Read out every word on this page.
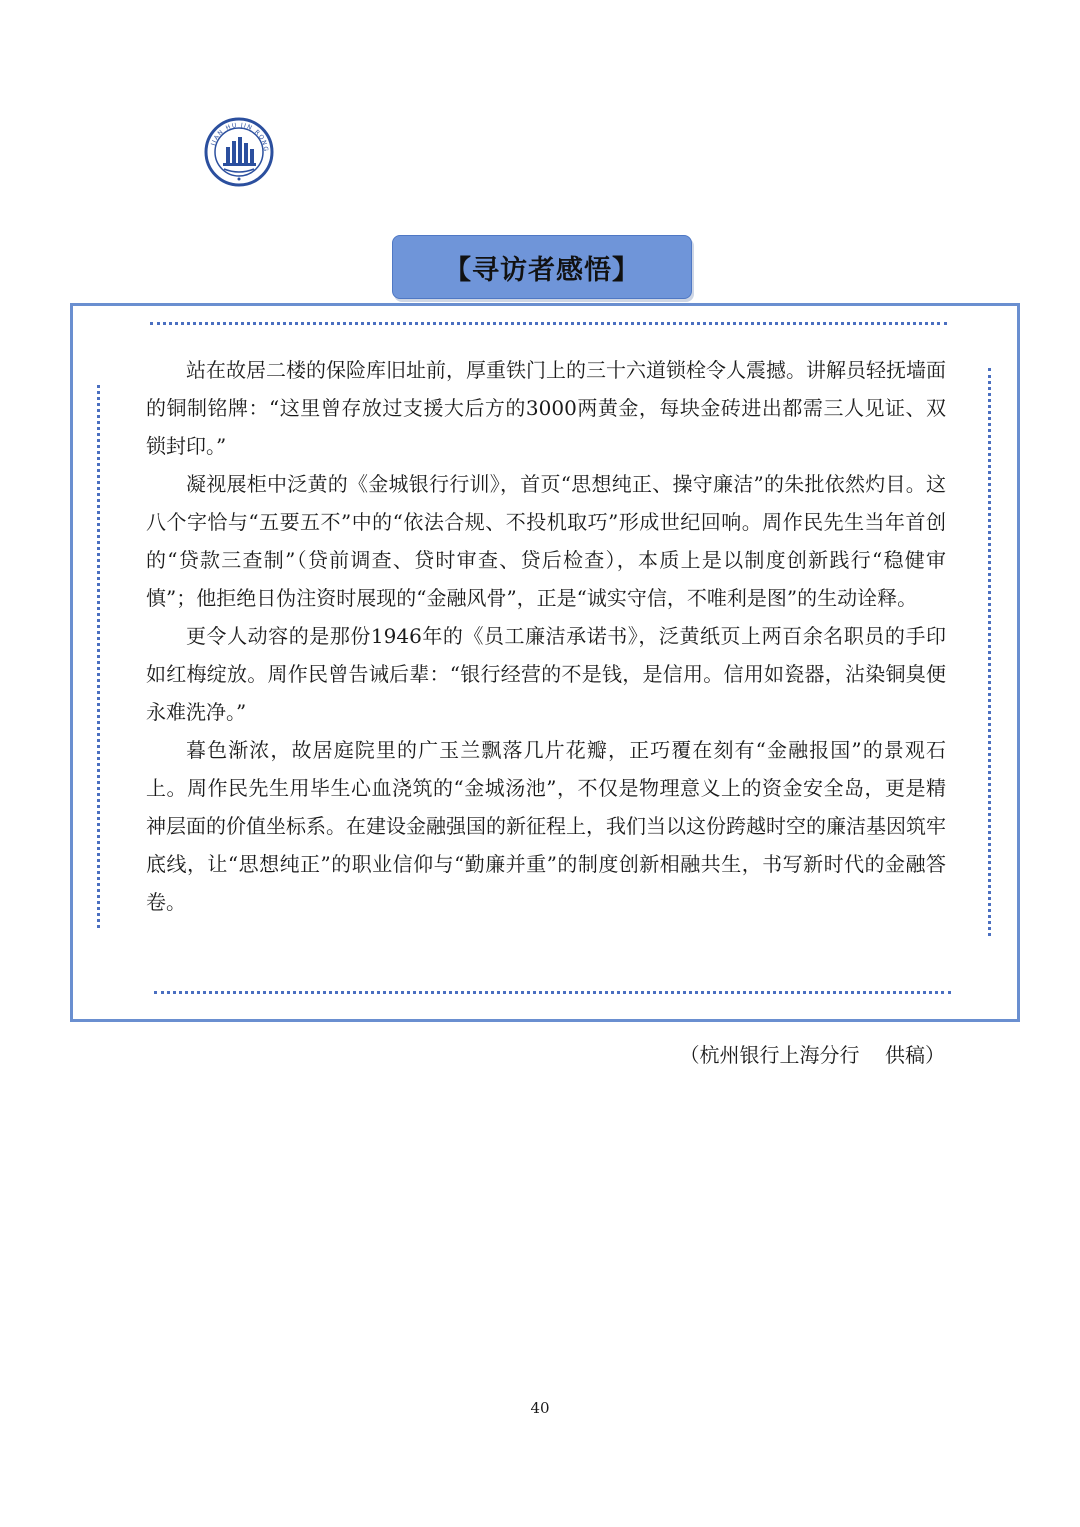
JIAN HU JIN RONG
【寻访者感悟】

站在故居二楼的保险库旧址前，厚重铁门上的三十六道锁栓令人震撼。讲解员轻抚墙面的铜制铭牌：“这里曾存放过支援大后方的3000两黄金，每块金砖进出都需三人见证、双锁封印。”

凝视展柜中泛黄的《金城银行行训》，首页“思想纯正、操守廉洁”的朱批依然灼目。这八个字恰与“五要五不”中的“依法合规、不投机取巧”形成世纪回响。周作民先生当年首创的“贷款三查制”（贷前调查、贷时审查、贷后检查），本质上是以制度创新践行“稳健审慎”；他拒绝日伪注资时展现的“金融风骨”，正是“诚实守信，不唯利是图”的生动诠释。

更令人动容的是那份1946年的《员工廉洁承诺书》，泛黄纸页上两百余名职员的手印如红梅绽放。周作民曾告诫后辈：“银行经营的不是钱，是信用。信用如瓷器，沾染铜臭便永难洗净。”

暮色渐浓，故居庭院里的广玉兰飘落几片花瓣，正巧覆在刻有“金融报国”的景观石上。周作民先生用毕生心血浇筑的“金城汤池”，不仅是物理意义上的资金安全岛，更是精神层面的价值坐标系。在建设金融强国的新征程上，我们当以这份跨越时空的廉洁基因筑牢底线，让“思想纯正”的职业信仰与“勤廉并重”的制度创新相融共生，书写新时代的金融答卷。

（杭州银行上海分行    供稿）
40
